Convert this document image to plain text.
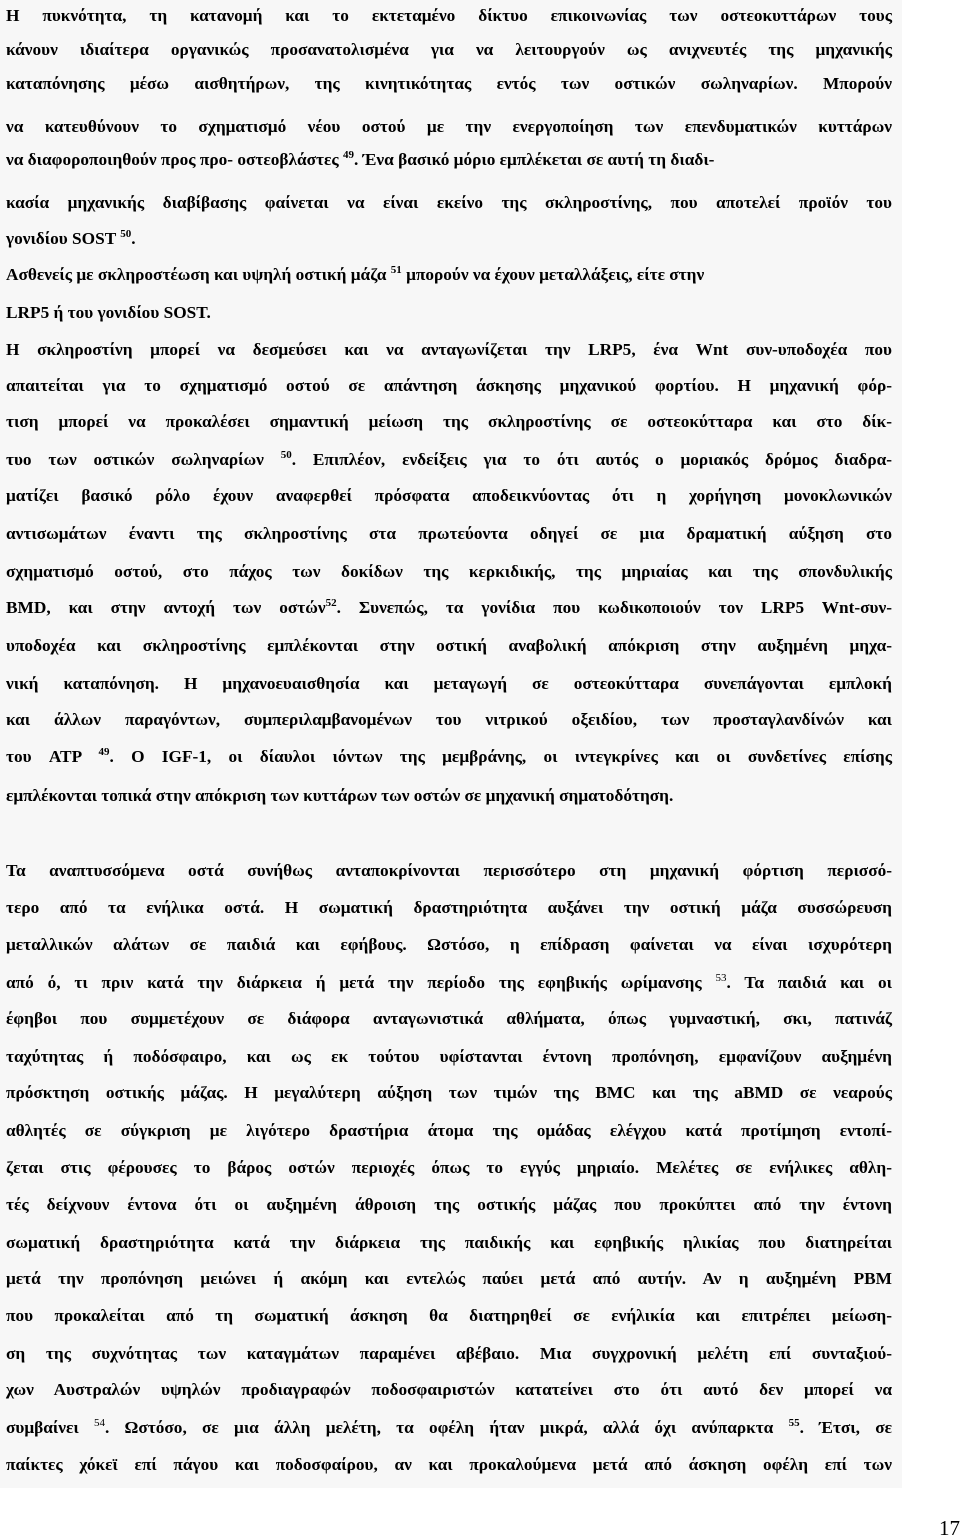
Η πυκνότητα, τη κατανομή και το εκτεταμένο δίκτυο επικοινωνίας των οστεοκυττάρων τους
κάνουν ιδιαίτερα οργανικώς προσανατολισμένα για να λειτουργούν ως ανιχνευτές της μηχανικής
καταπόνησης μέσω αισθητήρων, της κινητικότητας εντός των οστικών σωληναρίων. Μπορούν
να κατευθύνουν το σχηματισμό νέου οστού με την ενεργοποίηση των επενδυματικών κυττάρων
να διαφοροποιηθούν προς προ- οστεοβλάστες $^{49}$. Ένα βασικό μόριο εμπλέκεται σε αυτή τη διαδι-
κασία μηχανικής διαβίβασης φαίνεται να είναι εκείνο της σκληροστίνης, που αποτελεί προϊόν του
γονιδίου SOST $^{50}$.
Ασθενείς με σκληροστέωση και υψηλή οστική μάζα $^{51}$ μπορούν να έχουν μεταλλάξεις, είτε στην
LRP5 ή του γονιδίου SOST.
Η σκληροστίνη μπορεί να δεσμεύσει και να ανταγωνίζεται την LRP5, ένα Wnt συν-υποδοχέα που
απαιτείται για το σχηματισμό οστού σε απάντηση άσκησης μηχανικού φορτίου. Η μηχανική φόρ-
τιση μπορεί να προκαλέσει σημαντική μείωση της σκληροστίνης σε οστεοκύτταρα και στο δίκ-
τυο των οστικών σωληναρίων $^{50}$. Επιπλέον, ενδείξεις για το ότι αυτός ο μοριακός δρόμος διαδρα-
ματίζει βασικό ρόλο έχουν αναφερθεί πρόσφατα αποδεικνύοντας ότι η χορήγηση μονοκλωνικών
αντισωμάτων έναντι της σκληροστίνης στα πρωτεύοντα οδηγεί σε μια δραματική αύξηση στο
σχηματισμό οστού, στο πάχος των δοκίδων της κερκιδικής, της μηριαίας και της σπονδυλικής
BMD, και στην αντοχή των οστών$^{52}$. Συνεπώς, τα γονίδια που κωδικοποιούν τον LRP5 Wnt-συν-
υποδοχέα και σκληροστίνης εμπλέκονται στην οστική αναβολική απόκριση στην αυξημένη μηχα-
νική καταπόνηση. Η μηχανοευαισθησία και μεταγωγή σε οστεοκύτταρα συνεπάγονται εμπλοκή
και άλλων παραγόντων, συμπεριλαμβανομένων του νιτρικού οξειδίου, των προσταγλανδίνών και
του ATP $^{49}$. O IGF-1, οι δίαυλοι ιόντων της μεμβράνης, οι ιντεγκρίνες και οι συνδετίνες επίσης
εμπλέκονται τοπικά στην απόκριση των κυττάρων των οστών σε μηχανική σηματοδότηση.
Τα αναπτυσσόμενα οστά συνήθως ανταποκρίνονται περισσότερο στη μηχανική φόρτιση περισσό-
τερο από τα ενήλικα οστά. Η σωματική δραστηριότητα αυξάνει την οστική μάζα συσσώρευση
μεταλλικών αλάτων σε παιδιά και εφήβους. Ωστόσο, η επίδραση φαίνεται να είναι ισχυρότερη
από ό, τι πριν κατά την διάρκεια ή μετά την περίοδο της εφηβικής ωρίμανσης $^{53}$. Τα παιδιά και οι
έφηβοι που συμμετέχουν σε διάφορα ανταγωνιστικά αθλήματα, όπως γυμναστική, σκι, πατινάζ
ταχύτητας ή ποδόσφαιρο, και ως εκ τούτου υφίστανται έντονη προπόνηση, εμφανίζουν αυξημένη
πρόσκτηση οστικής μάζας. Η μεγαλύτερη αύξηση των τιμών της BMC και της aBMD σε νεαρούς
αθλητές σε σύγκριση με λιγότερο δραστήρια άτομα της ομάδας ελέγχου κατά προτίμηση εντοπί-
ζεται στις φέρουσες το βάρος οστών περιοχές όπως το εγγύς μηριαίο. Μελέτες σε ενήλικες αθλη-
τές δείχνουν έντονα ότι οι αυξημένη άθροιση της οστικής μάζας που προκύπτει από την έντονη
σωματική δραστηριότητα κατά την διάρκεια της παιδικής και εφηβικής ηλικίας που διατηρείται
μετά την προπόνηση μειώνει ή ακόμη και εντελώς παύει μετά από αυτήν. Αν η αυξημένη PBM
που προκαλείται από τη σωματική άσκηση θα διατηρηθεί σε ενήλικία και επιτρέπει μείωση-
ση της συχνότητας των καταγμάτων παραμένει αβέβαιο. Μια συγχρονική μελέτη επί συνταξιού-
χων Αυστραλών υψηλών προδιαγραφών ποδοσφαιριστών κατατείνει στο ότι αυτό δεν μπορεί να
συμβαίνει $^{54}$. Ωστόσο, σε μια άλλη μελέτη, τα οφέλη ήταν μικρά, αλλά όχι ανύπαρκτα $^{55}$. Έτσι, σε
παίκτες χόκεϊ επί πάγου και ποδοσφαίρου, αν και προκαλούμενα μετά από άσκηση οφέλη επί των
17
